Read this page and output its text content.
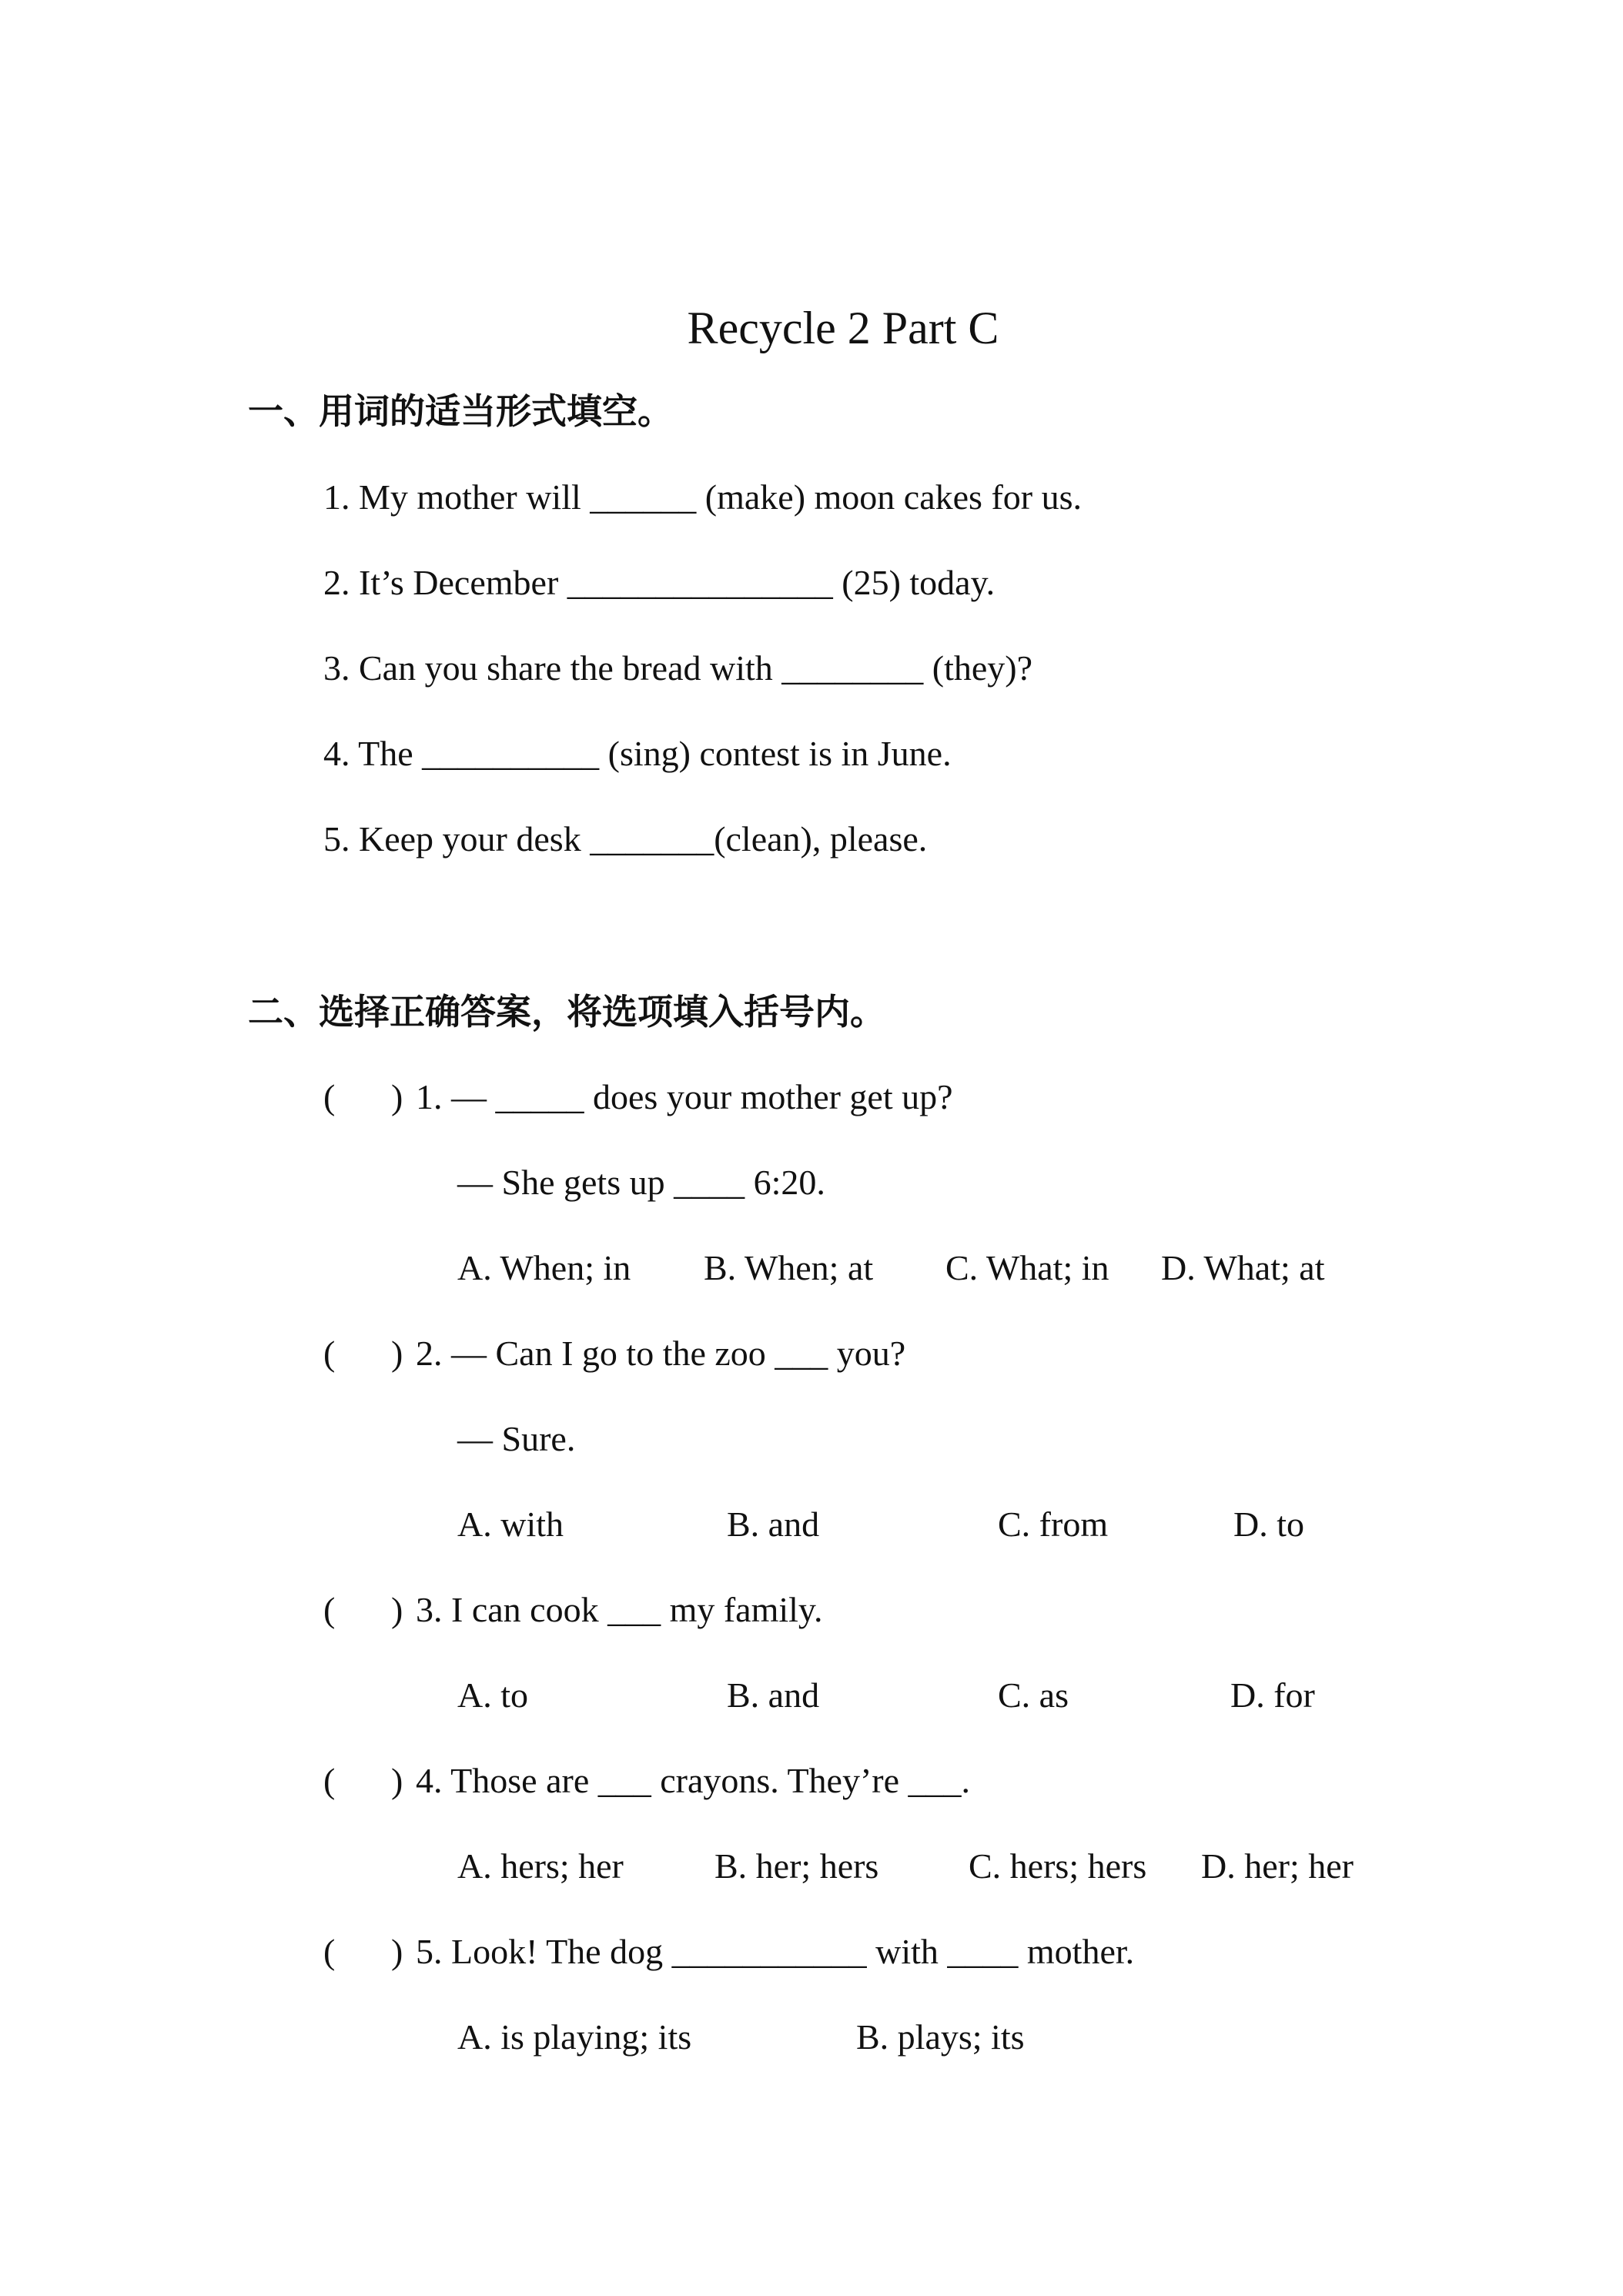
Recycle 2 Part C
一、用词的适当形式填空。
1. My mother will ______ (make) moon cakes for us.
2. It’s December _______________ (25) today.
3. Can you share the bread with ________ (they)?
4. The __________ (sing) contest is in June.
5. Keep your desk _______(clean), please.
二、选择正确答案，将选项填入括号内。
( ) 1. — _____ does your mother get up?
— She gets up ____ 6:20.
A. When; in B. When; at C. What; in D. What; at
( ) 2. — Can I go to the zoo ___ you?
— Sure.
A. with	B. and	C. from	D. to
( ) 3. I can cook ___ my family.
A. to	B. and	C. as	D. for
( ) 4. Those are ___ crayons. They’re ___.
A. hers; her	B. her; hers	C. hers; hers D. her; her
( ) 5. Look! The dog ___________ with ____ mother.
A. is playing; its	B. plays; its
